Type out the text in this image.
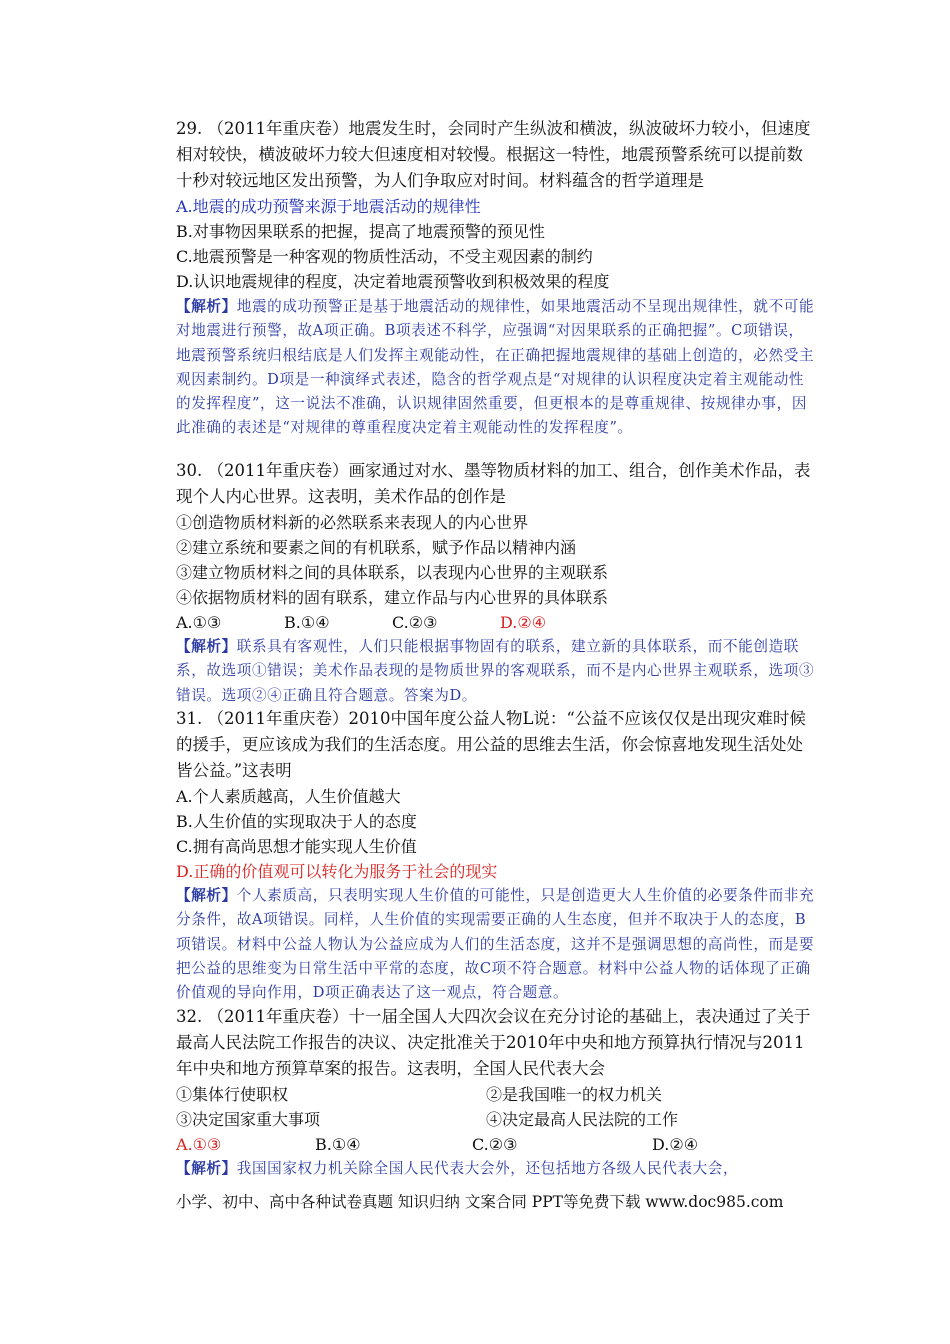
29. （2011年重庆卷）地震发生时，会同时产生纵波和横波，纵波破坏力较小，但速度相对较快，横波破坏力较大但速度相对较慢。根据这一特性，地震预警系统可以提前数十秒对较远地区发出预警，为人们争取应对时间。材料蕴含的哲学道理是
A.地震的成功预警来源于地震活动的规律性
B.对事物因果联系的把握，提高了地震预警的预见性
C.地震预警是一种客观的物质性活动，不受主观因素的制约
D.认识地震规律的程度，决定着地震预警收到积极效果的程度
【解析】地震的成功预警正是基于地震活动的规律性，如果地震活动不呈现出规律性，就不可能对地震进行预警，故A项正确。B项表述不科学，应强调“对因果联系的正确把握”。C项错误，地震预警系统归根结底是人们发挥主观能动性，在正确把握地震规律的基础上创造的，必然受主观因素制约。D项是一种演绎式表述，隐含的哲学观点是“对规律的认识程度决定着主观能动性的发挥程度”，这一说法不准确，认识规律固然重要，但更根本的是尊重规律、按规律办事，因此准确的表述是“对规律的尊重程度决定着主观能动性的发挥程度”。
30. （2011年重庆卷）画家通过对水、墨等物质材料的加工、组合，创作美术作品，表现个人内心世界。这表明，美术作品的创作是
①创造物质材料新的必然联系来表现人的内心世界
②建立系统和要素之间的有机联系，赋予作品以精神内涵
③建立物质材料之间的具体联系，以表现内心世界的主观联系
④依据物质材料的固有联系，建立作品与内心世界的具体联系
A.①③	B.①④	C.②③	D.②④
【解析】联系具有客观性，人们只能根据事物固有的联系，建立新的具体联系，而不能创造联系，故选项①错误；美术作品表现的是物质世界的客观联系，而不是内心世界主观联系，选项③错误。选项②④正确且符合题意。答案为D。
31. （2011年重庆卷）2010中国年度公益人物L说：“公益不应该仅仅是出现灾难时候的援手，更应该成为我们的生活态度。用公益的思维去生活，你会惊喜地发现生活处处皆公益。”这表明
A.个人素质越高，人生价值越大
B.人生价值的实现取决于人的态度
C.拥有高尚思想才能实现人生价值
D.正确的价值观可以转化为服务于社会的现实
【解析】个人素质高，只表明实现人生价值的可能性，只是创造更大人生价值的必要条件而非充分条件，故A项错误。同样，人生价值的实现需要正确的人生态度，但并不取决于人的态度，B项错误。材料中公益人物认为公益应成为人们的生活态度，这并不是强调思想的高尚性，而是要把公益的思维变为日常生活中平常的态度，故C项不符合题意。材料中公益人物的话体现了正确价值观的导向作用，D项正确表达了这一观点，符合题意。
32. （2011年重庆卷）十一届全国人大四次会议在充分讨论的基础上，表决通过了关于最高人民法院工作报告的决议、决定批准关于2010年中央和地方预算执行情况与2011年中央和地方预算草案的报告。这表明，全国人民代表大会
①集体行使职权	②是我国唯一的权力机关
③决定国家重大事项	④决定最高人民法院的工作
A.①③	B.①④	C.②③	D.②④
【解析】我国国家权力机关除全国人民代表大会外，还包括地方各级人民代表大会，
小学、初中、高中各种试卷真题 知识归纳 文案合同 PPT等免费下载 www.doc985.com
